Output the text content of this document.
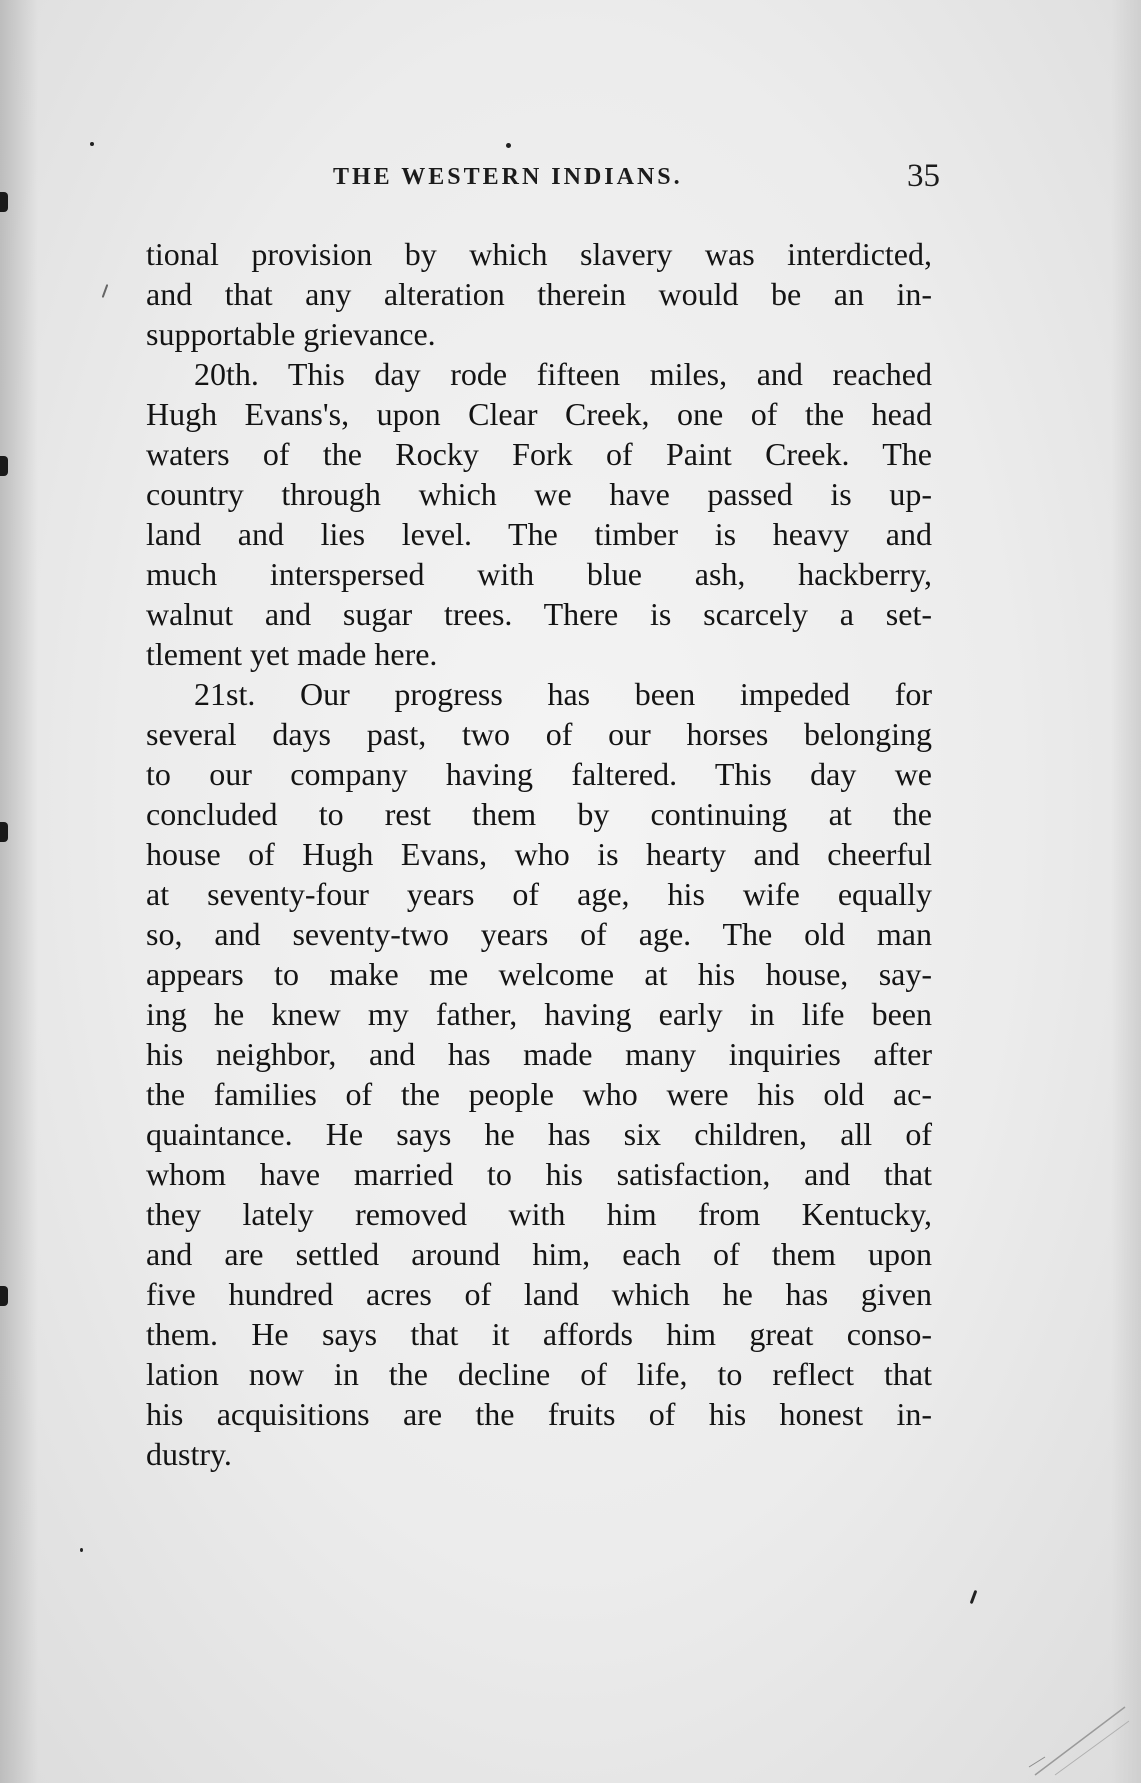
THE WESTERN INDIANS.	35
tional provision by which slavery was interdicted,
and that any alteration therein would be an in-
supportable grievance.
20th. This day rode fifteen miles, and reached
Hugh Evans's, upon Clear Creek, one of the head
waters of the Rocky Fork of Paint Creek. The
country through which we have passed is up-
land and lies level. The timber is heavy and
much interspersed with blue ash, hackberry,
walnut and sugar trees. There is scarcely a set-
tlement yet made here.
21st. Our progress has been impeded for
several days past, two of our horses belonging
to our company having faltered. This day we
concluded to rest them by continuing at the
house of Hugh Evans, who is hearty and cheerful
at seventy-four years of age, his wife equally
so, and seventy-two years of age. The old man
appears to make me welcome at his house, say-
ing he knew my father, having early in life been
his neighbor, and has made many inquiries after
the families of the people who were his old ac-
quaintance. He says he has six children, all of
whom have married to his satisfaction, and that
they lately removed with him from Kentucky,
and are settled around him, each of them upon
five hundred acres of land which he has given
them. He says that it affords him great conso-
lation now in the decline of life, to reflect that
his acquisitions are the fruits of his honest in-
dustry.
